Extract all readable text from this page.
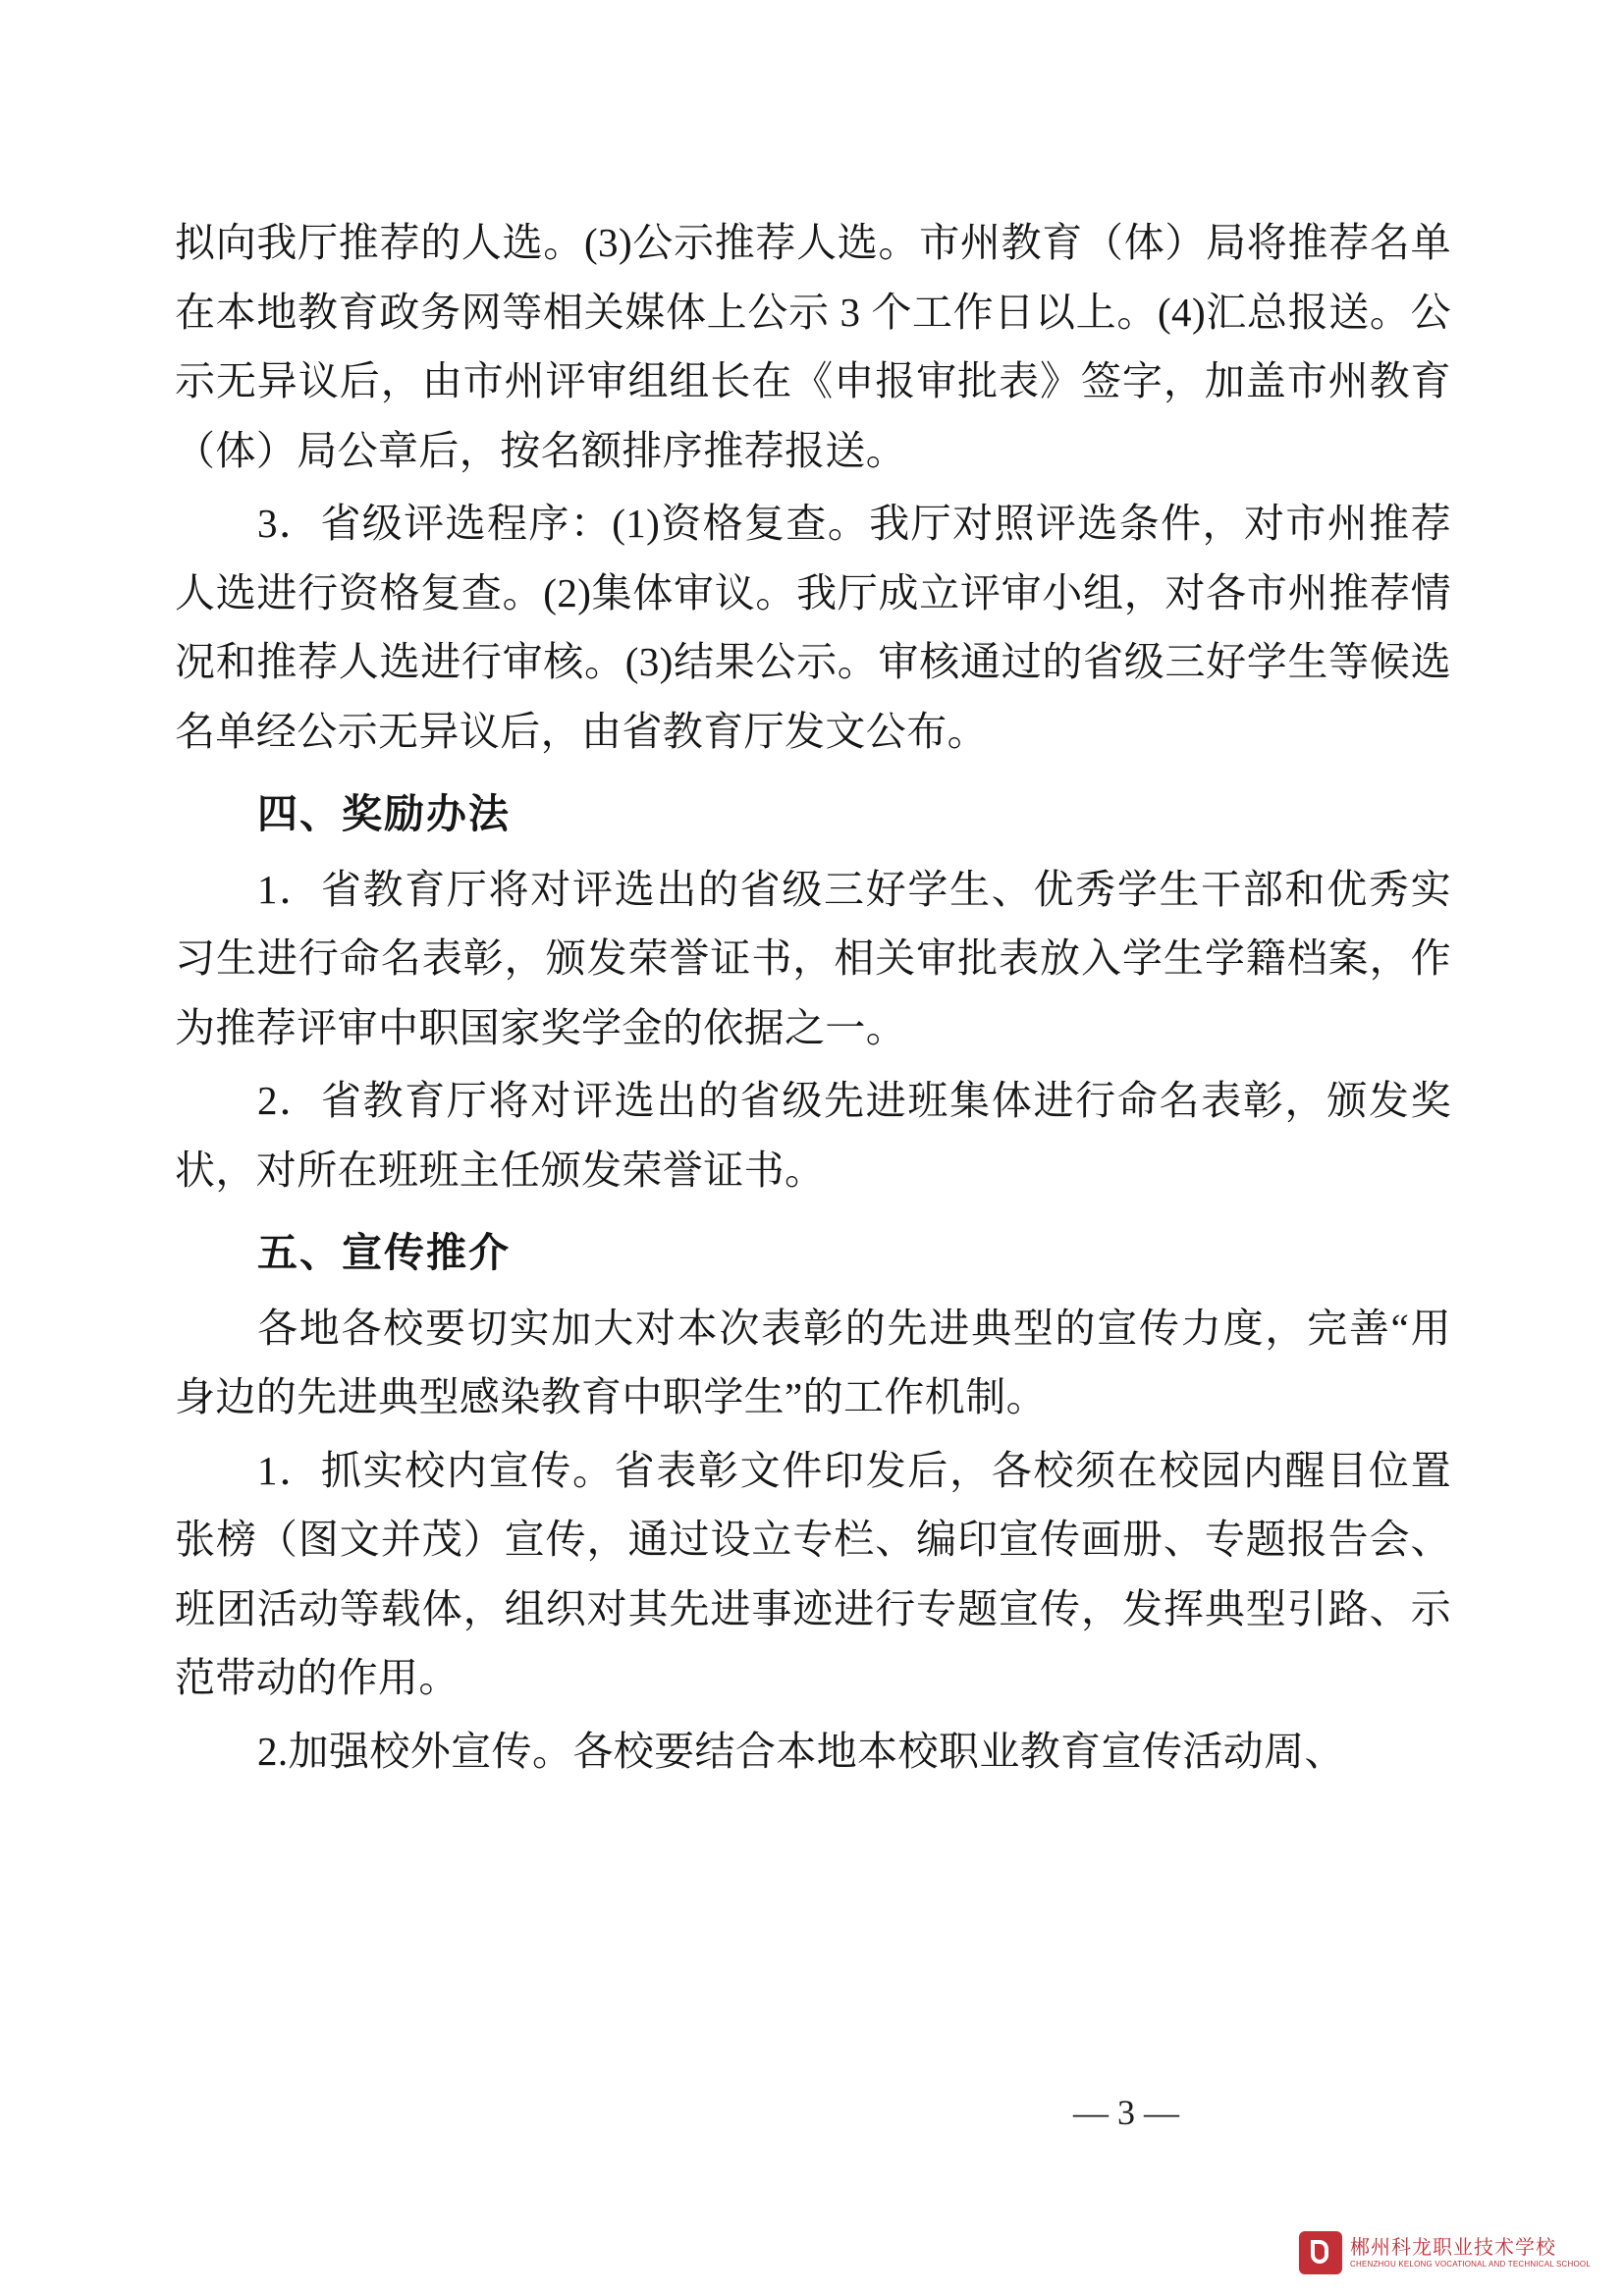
拟向我厅推荐的人选。(3)公示推荐人选。市州教育（体）局将推荐名单在本地教育政务网等相关媒体上公示 3 个工作日以上。(4)汇总报送。公示无异议后，由市州评审组组长在《申报审批表》签字，加盖市州教育（体）局公章后，按名额排序推荐报送。

3．省级评选程序：(1)资格复查。我厅对照评选条件，对市州推荐人选进行资格复查。(2)集体审议。我厅成立评审小组，对各市州推荐情况和推荐人选进行审核。(3)结果公示。审核通过的省级三好学生等候选名单经公示无异议后，由省教育厅发文公布。

四、奖励办法

1．省教育厅将对评选出的省级三好学生、优秀学生干部和优秀实习生进行命名表彰，颁发荣誉证书，相关审批表放入学生学籍档案，作为推荐评审中职国家奖学金的依据之一。

2．省教育厅将对评选出的省级先进班集体进行命名表彰，颁发奖状，对所在班班主任颁发荣誉证书。

五、宣传推介

各地各校要切实加大对本次表彰的先进典型的宣传力度，完善“用身边的先进典型感染教育中职学生”的工作机制。

1．抓实校内宣传。省表彰文件印发后，各校须在校园内醒目位置张榜（图文并茂）宣传，通过设立专栏、编印宣传画册、专题报告会、班团活动等载体，组织对其先进事迹进行专题宣传，发挥典型引路、示范带动的作用。

2.加强校外宣传。各校要结合本地本校职业教育宣传活动周、

— 3 —
郴州科龙职业技术学校
CHENZHOU KELONG VOCATIONAL AND TECHNICAL SCHOOL
